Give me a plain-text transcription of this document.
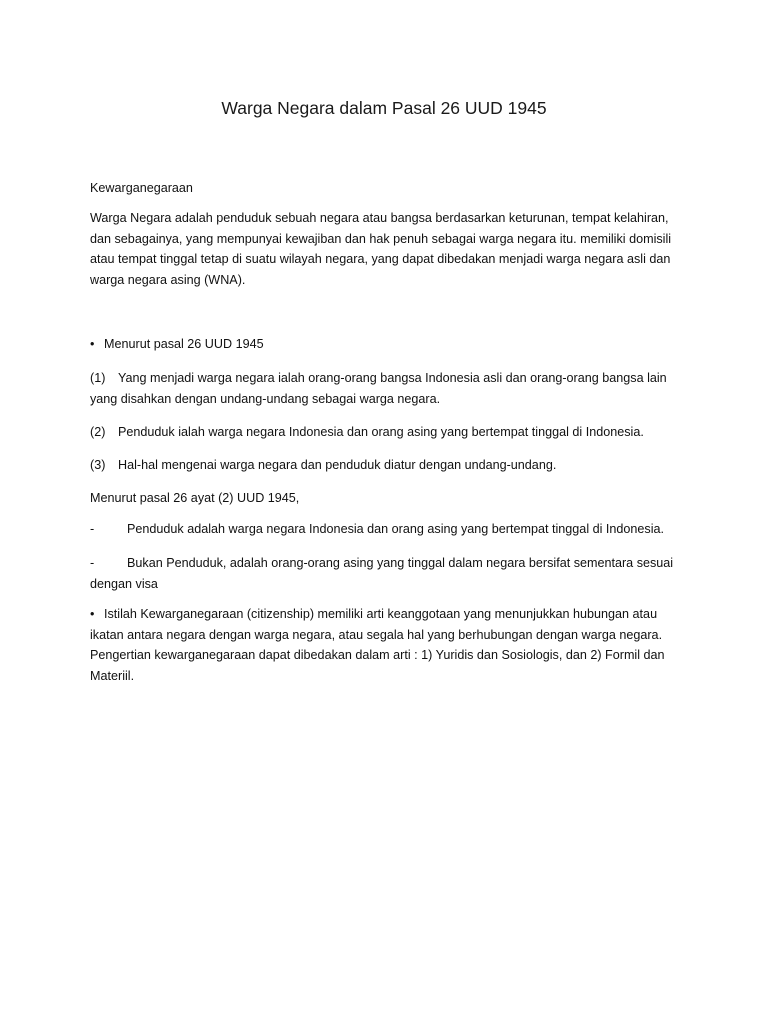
Warga Negara dalam Pasal 26 UUD 1945
Kewarganegaraan
Warga Negara adalah penduduk sebuah negara atau bangsa berdasarkan keturunan, tempat kelahiran, dan sebagainya, yang mempunyai kewajiban dan hak penuh sebagai warga negara itu. memiliki domisili atau tempat tinggal tetap di suatu wilayah negara, yang dapat dibedakan menjadi warga negara asli dan warga negara asing (WNA).
• Menurut pasal 26 UUD 1945
(1) Yang menjadi warga negara ialah orang-orang bangsa Indonesia asli dan orang-orang bangsa lain yang disahkan dengan undang-undang sebagai warga negara.
(2) Penduduk ialah warga negara Indonesia dan orang asing yang bertempat tinggal di Indonesia.
(3) Hal-hal mengenai warga negara dan penduduk diatur dengan undang-undang.
Menurut pasal 26 ayat (2) UUD 1945,
-	Penduduk adalah warga negara Indonesia dan orang asing yang bertempat tinggal di Indonesia.
-	Bukan Penduduk, adalah orang-orang asing yang tinggal dalam negara bersifat sementara sesuai dengan visa
• Istilah Kewarganegaraan (citizenship) memiliki arti keanggotaan yang menunjukkan hubungan atau ikatan antara negara dengan warga negara, atau segala hal yang berhubungan dengan warga negara. Pengertian kewarganegaraan dapat dibedakan dalam arti : 1) Yuridis dan Sosiologis, dan 2) Formil dan Materiil.
